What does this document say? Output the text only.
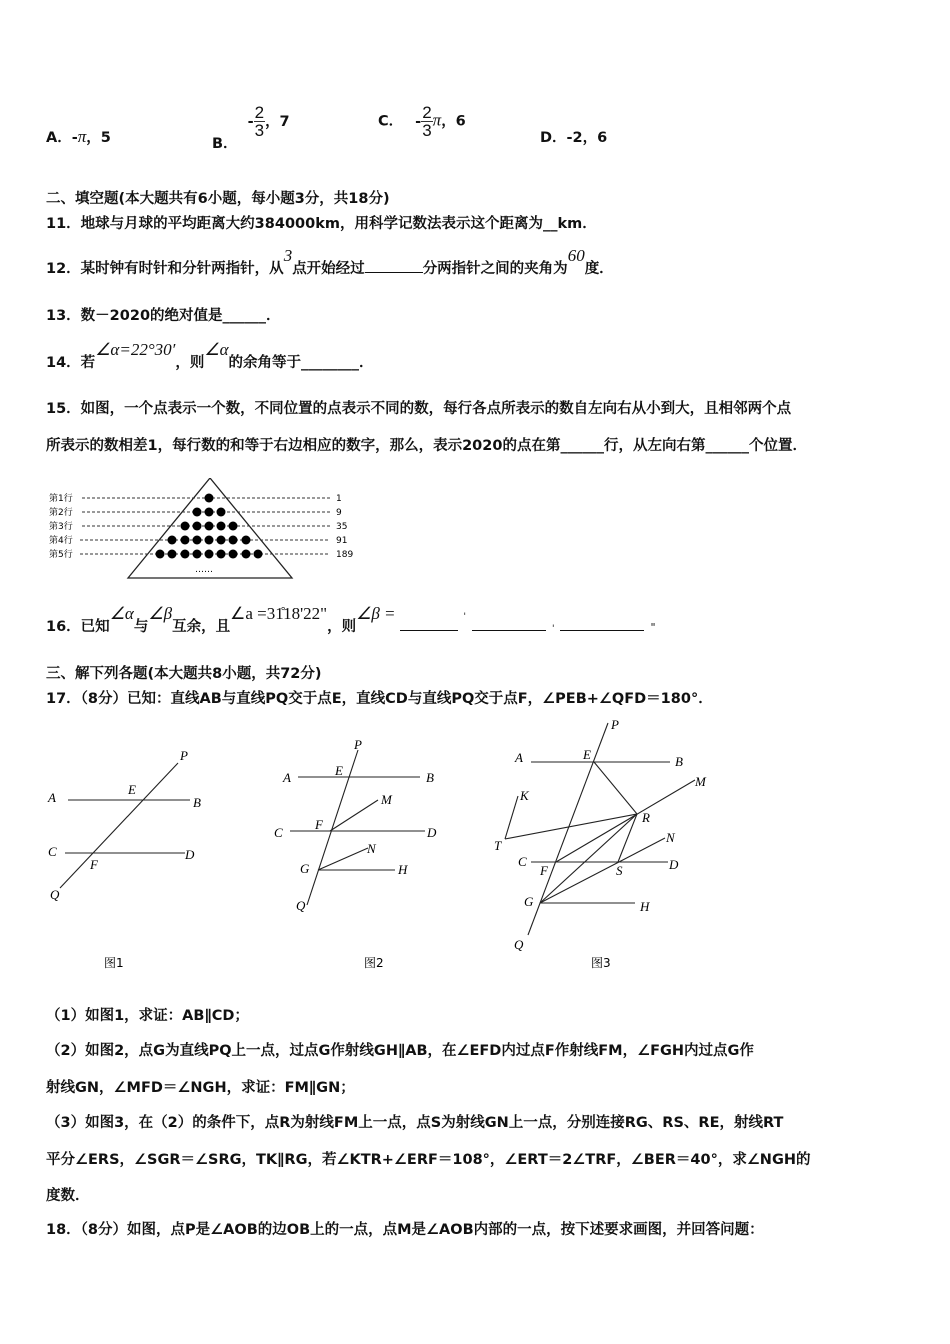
A．-π，5	B．- $\frac{2}{3}$ ，7	C． - $\frac{2}{3}$ π，6
D．-2，6
二、填空题(本大题共有6小题，每小题3分，共18分)
11．地球与月球的平均距离大约384000km，用科学记数法表示这个距离为__km．
12．某时钟有时针和分针两指针，从3点开始经过	分两指针之间的夹角为60度．
13．数－2020的绝对值是______．
14．若∠α=22°30′，则∠α的余角等于________．
15．如图，一个点表示一个数，不同位置的点表示不同的数，每行各点所表示的数自左向右从小到大，且相邻两个点
所表示的数相差1，每行数的和等于右边相应的数字，那么，表示2020的点在第______行，从左向右第______个位置．
第1行
第2行
第3行
第4行
第5行
1
9
35
91
189
……
16．已知∠α与∠β互余，且∠a =31̊18'22"，则∠β =	''	"
三、解下列各题(本大题共8小题，共72分)
17．（8分）已知：直线AB与直线PQ交于点E，直线CD与直线PQ交于点F，∠PEB+∠QFD＝180°．
A	B
E
P
C	D
F
Q
图1
A	B
E
P
C	D
F
M
G	H
N
Q
图2
P
A	E	B
M
K
R
T
N
C
F	S	D
G	H
Q
图3
（1）如图1，求证：AB∥CD；
（2）如图2，点G为直线PQ上一点，过点G作射线GH∥AB，在∠EFD内过点F作射线FM，∠FGH内过点G作
射线GN，∠MFD＝∠NGH，求证：FM∥GN；
（3）如图3，在（2）的条件下，点R为射线FM上一点，点S为射线GN上一点，分别连接RG、RS、RE，射线RT
平分∠ERS，∠SGR＝∠SRG，TK∥RG，若∠KTR+∠ERF＝108°，∠ERT＝2∠TRF，∠BER＝40°，求∠NGH的
度数．
18．（8分）如图，点P是∠AOB的边OB上的一点，点M是∠AOB内部的一点，按下述要求画图，并回答问题：
